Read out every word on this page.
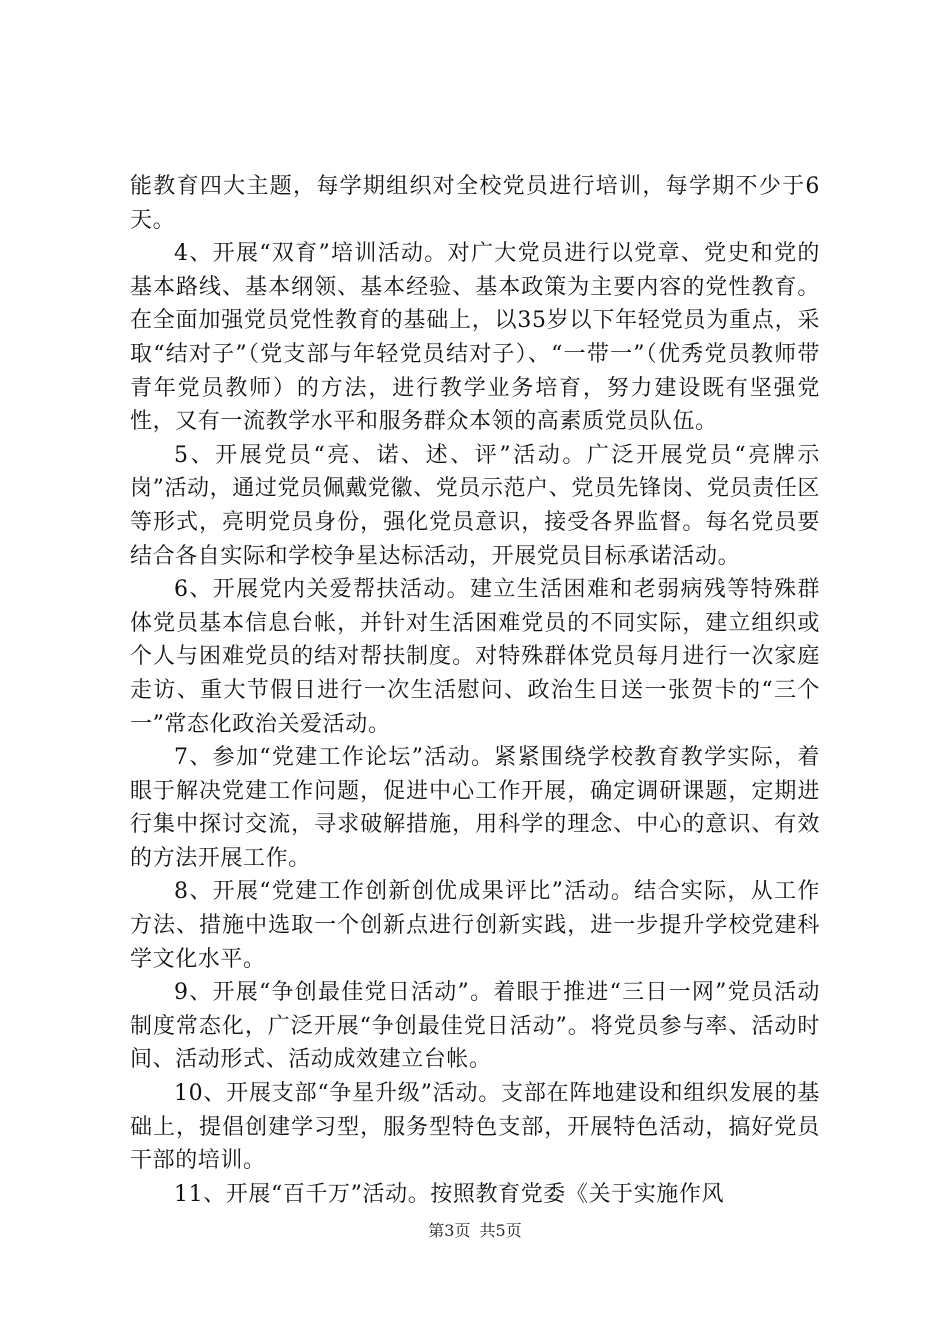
能教育四大主题，每学期组织对全校党员进行培训，每学期不少于6天。

4、开展“双育”培训活动。对广大党员进行以党章、党史和党的基本路线、基本纲领、基本经验、基本政策为主要内容的党性教育。在全面加强党员党性教育的基础上，以35岁以下年轻党员为重点，采取“结对子”（党支部与年轻党员结对子）、“一带一”（优秀党员教师带青年党员教师）的方法，进行教学业务培育，努力建设既有坚强党性，又有一流教学水平和服务群众本领的高素质党员队伍。

5、开展党员“亮、诺、述、评”活动。广泛开展党员“亮牌示岗”活动，通过党员佩戴党徽、党员示范户、党员先锋岗、党员责任区等形式，亮明党员身份，强化党员意识，接受各界监督。每名党员要结合各自实际和学校争星达标活动，开展党员目标承诺活动。

6、开展党内关爱帮扶活动。建立生活困难和老弱病残等特殊群体党员基本信息台帐，并针对生活困难党员的不同实际，建立组织或个人与困难党员的结对帮扶制度。对特殊群体党员每月进行一次家庭走访、重大节假日进行一次生活慰问、政治生日送一张贺卡的“三个一”常态化政治关爱活动。

7、参加“党建工作论坛”活动。紧紧围绕学校教育教学实际，着眼于解决党建工作问题，促进中心工作开展，确定调研课题，定期进行集中探讨交流，寻求破解措施，用科学的理念、中心的意识、有效的方法开展工作。

8、开展“党建工作创新创优成果评比”活动。结合实际，从工作方法、措施中选取一个创新点进行创新实践，进一步提升学校党建科学文化水平。

9、开展“争创最佳党日活动”。着眼于推进“三日一网”党员活动制度常态化，广泛开展“争创最佳党日活动”。将党员参与率、活动时间、活动形式、活动成效建立台帐。

10、开展支部“争星升级”活动。支部在阵地建设和组织发展的基础上，提倡创建学习型，服务型特色支部，开展特色活动，搞好党员干部的培训。

11、开展“百千万”活动。按照教育党委《关于实施作风

第3页 共5页
